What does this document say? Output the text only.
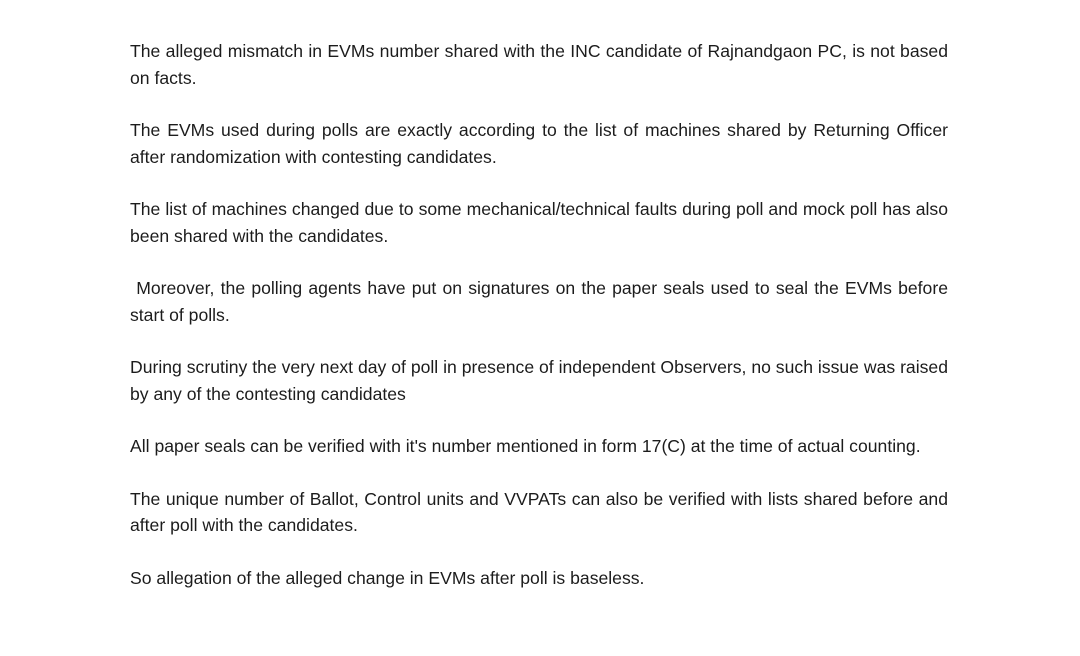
The alleged mismatch in EVMs number shared with the INC candidate of Rajnandgaon PC, is not based on facts.

The EVMs used during polls are exactly according to the list of machines shared by Returning Officer after randomization with contesting candidates.

The list of machines changed due to some mechanical/technical faults during poll and mock poll has also been shared with the candidates.

Moreover, the polling agents have put on signatures on the paper seals used to seal the EVMs before start of polls.

During scrutiny the very next day of poll in presence of independent Observers, no such issue was raised by any of the contesting candidates

All paper seals can be verified with it's number mentioned in form 17(C) at the time of actual counting.

The unique number of Ballot, Control units and VVPATs can also be verified with lists shared before and after poll with the candidates.

So allegation of the alleged change in EVMs after poll is baseless.
